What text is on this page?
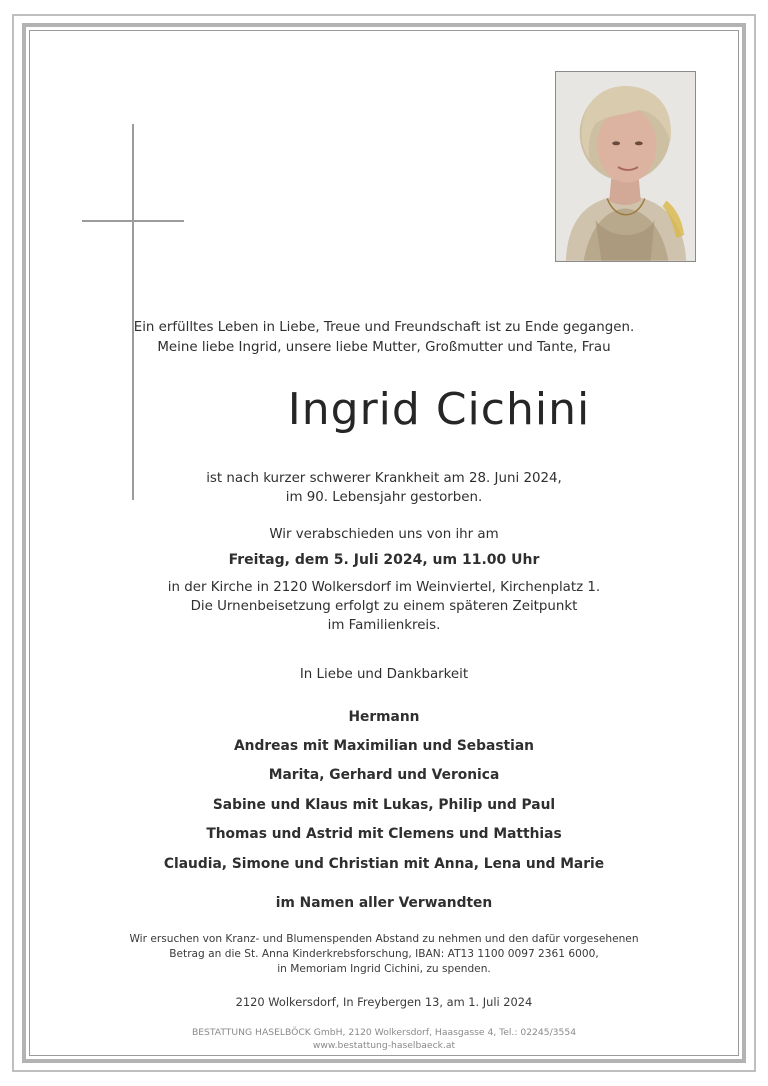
Ein erfülltes Leben in Liebe, Treue und Freundschaft ist zu Ende gegangen.
Meine liebe Ingrid, unsere liebe Mutter, Großmutter und Tante, Frau
Ingrid Cichini
ist nach kurzer schwerer Krankheit am 28. Juni 2024,
im 90. Lebensjahr gestorben.
Wir verabschieden uns von ihr am
Freitag, dem 5. Juli 2024, um 11.00 Uhr
in der Kirche in 2120 Wolkersdorf im Weinviertel, Kirchenplatz 1.
Die Urnenbeisetzung erfolgt zu einem späteren Zeitpunkt
im Familienkreis.
In Liebe und Dankbarkeit
Hermann
Andreas mit Maximilian und Sebastian
Marita, Gerhard und Veronica
Sabine und Klaus mit Lukas, Philip und Paul
Thomas und Astrid mit Clemens und Matthias
Claudia, Simone und Christian mit Anna, Lena und Marie
im Namen aller Verwandten
Wir ersuchen von Kranz- und Blumenspenden Abstand zu nehmen und den dafür vorgesehenen
Betrag an die St. Anna Kinderkrebsforschung, IBAN: AT13 1100 0097 2361 6000,
in Memoriam Ingrid Cichini, zu spenden.
2120 Wolkersdorf, In Freybergen 13, am 1. Juli 2024
BESTATTUNG HASELBÖCK GmbH, 2120 Wolkersdorf, Haasgasse 4, Tel.: 02245/3554
www.bestattung-haselbaeck.at
